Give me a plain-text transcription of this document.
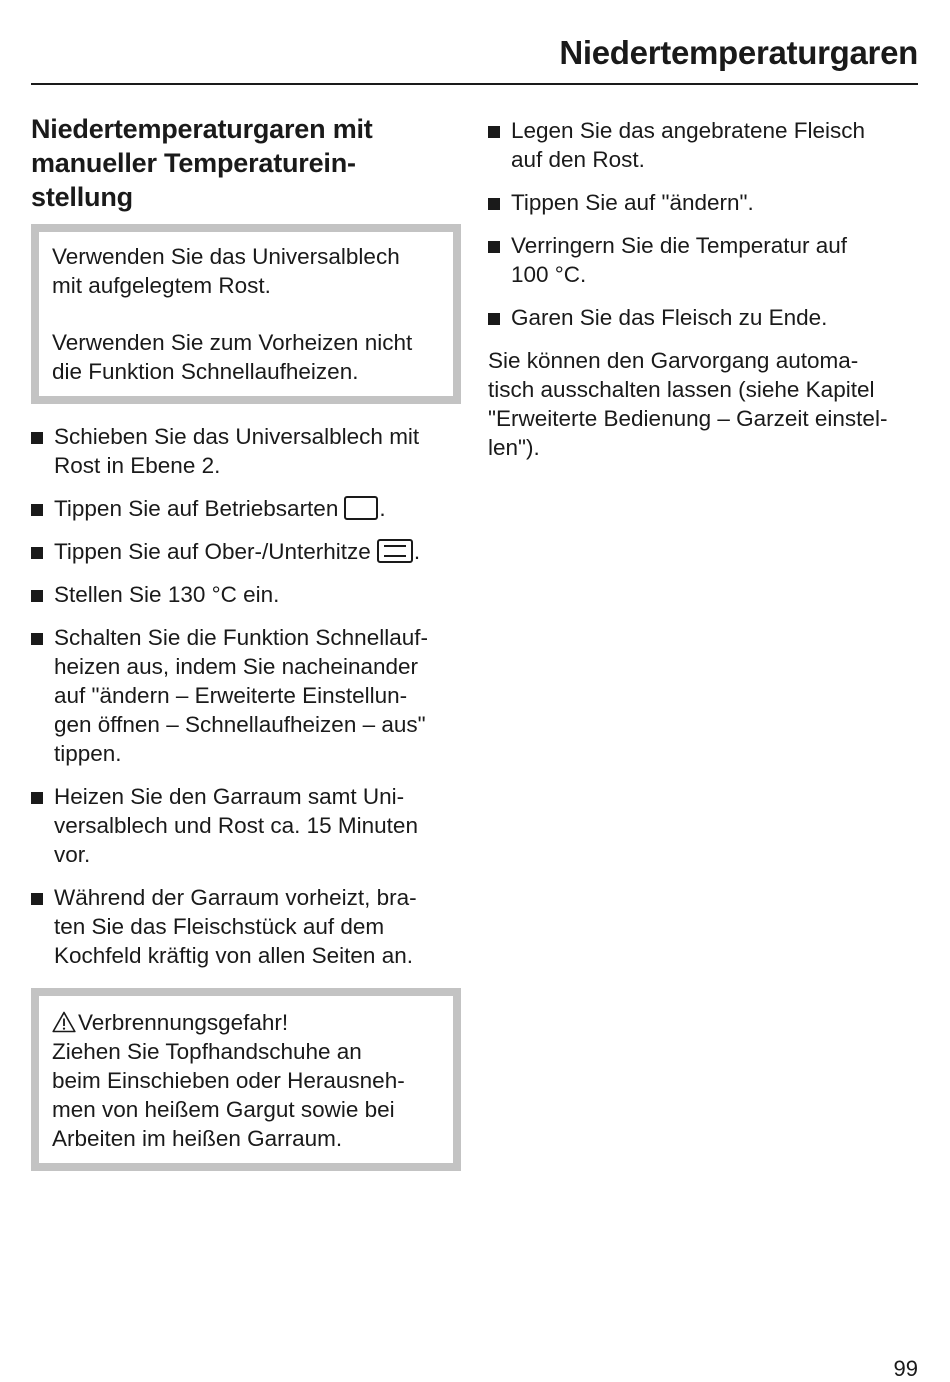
Niedertemperaturgaren
Niedertemperaturgaren mit
manueller Temperaturein-
stellung

Verwenden Sie das Universalblech
mit aufgelegtem Rost.

Verwenden Sie zum Vorheizen nicht
die Funktion Schnellaufheizen.

Schieben Sie das Universalblech mit
Rost in Ebene 2.
Tippen Sie auf Betriebsarten .
Tippen Sie auf Ober-/Unterhitze .
Stellen Sie 130 °C ein.
Schalten Sie die Funktion Schnellauf-
heizen aus, indem Sie nacheinander
auf "ändern – Erweiterte Einstellun-
gen öffnen – Schnellaufheizen – aus"
tippen.
Heizen Sie den Garraum samt Uni-
versalblech und Rost ca. 15 Minuten
vor.
Während der Garraum vorheizt, bra-
ten Sie das Fleischstück auf dem
Kochfeld kräftig von allen Seiten an.

Verbrennungsgefahr!
Ziehen Sie Topfhandschuhe an
beim Einschieben oder Herausneh-
men von heißem Gargut sowie bei
Arbeiten im heißen Garraum.

Legen Sie das angebratene Fleisch
auf den Rost.
Tippen Sie auf "ändern".
Verringern Sie die Temperatur auf
100 °C.
Garen Sie das Fleisch zu Ende.

Sie können den Garvorgang automa-
tisch ausschalten lassen (siehe Kapitel
"Erweiterte Bedienung – Garzeit einstel-
len").

99
